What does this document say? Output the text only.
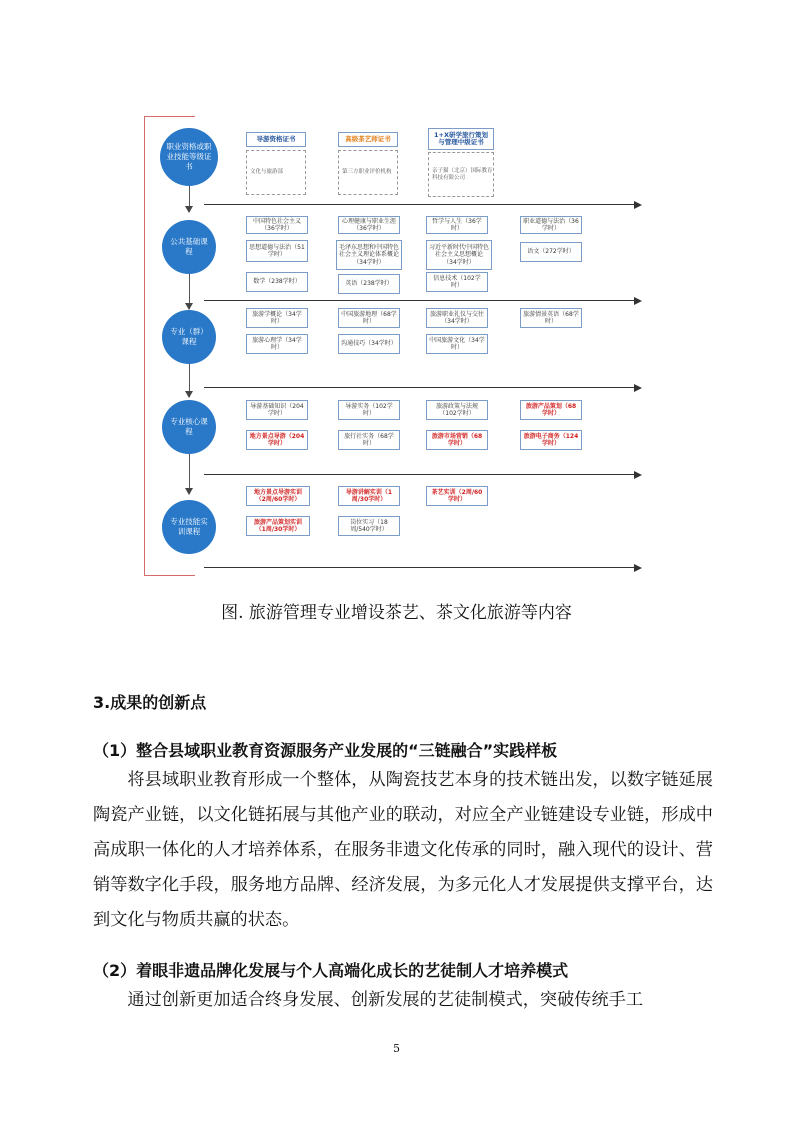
职业资格或职业技能等级证书
公共基础课程
专业（群）课程
专业核心课程
专业技能实训课程
导游资格证书
文化与旅游部
高级茶艺师证书
第三方职业评价机构
1+X研学旅行策划与管理中级证书
亲子猫（北京）国际教育科技有限公司
中国特色社会主义（36学时）
心理健康与职业生涯（36学时）
哲学与人生（36学时）
职业道德与法治（36学时）
思想道德与法治（51学时）
毛泽东思想和中国特色社会主义理论体系概论（34学时）
习近平新时代中国特色社会主义思想概论（34学时）
语文（272学时）
数学（238学时）	英语（238学时）
信息技术（102学时）
旅游学概论（34学时）
中国旅游地理（68学时）
旅游职业礼仪与交往（34学时）
旅游情景英语（68学时）
旅游心理学（34学时）
沟通技巧（34学时）
中国旅游文化（34学时）
导游基础知识（204学时）
导游实务（102学时）
旅游政策与法规（102学时）
旅游产品策划（68学时）
地方景点导游（204学时）
旅行社实务（68学时）
旅游市场营销（68学时）
旅游电子商务（124学时）
地方景点导游实训（2周/60学时）
导游讲解实训（1周/30学时）
茶艺实训（2周/60学时）
旅游产品策划实训（1周/30学时）
岗位实习（18周/540学时）
图. 旅游管理专业增设茶艺、茶文化旅游等内容
3.成果的创新点
（1）整合县域职业教育资源服务产业发展的“三链融合”实践样板
将县域职业教育形成一个整体，从陶瓷技艺本身的技术链出发，以数字链延展陶瓷产业链，以文化链拓展与其他产业的联动，对应全产业链建设专业链，形成中高成职一体化的人才培养体系，在服务非遗文化传承的同时，融入现代的设计、营销等数字化手段，服务地方品牌、经济发展，为多元化人才发展提供支撑平台，达到文化与物质共赢的状态。
（2）着眼非遗品牌化发展与个人高端化成长的艺徒制人才培养模式
通过创新更加适合终身发展、创新发展的艺徒制模式，突破传统手工
5
